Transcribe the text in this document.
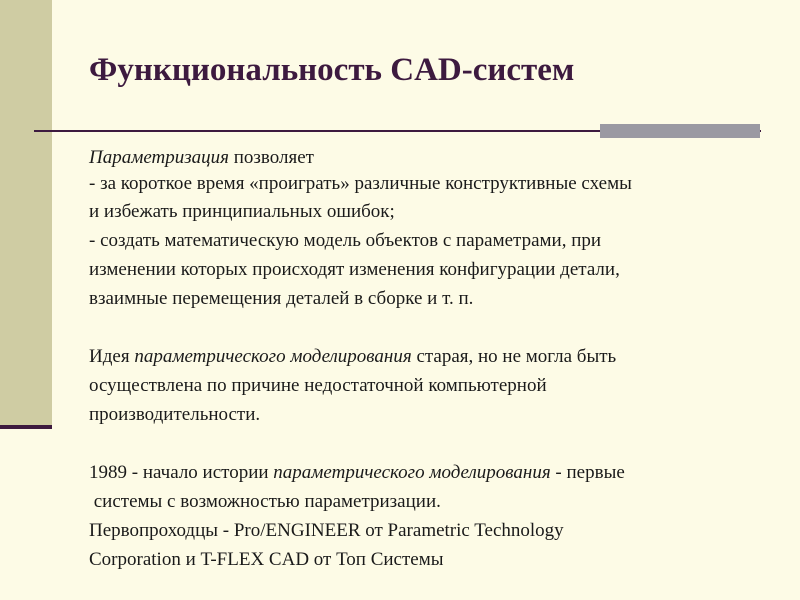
Функциональность CAD-систем
Параметризация позволяет
- за короткое время «проиграть» различные конструктивные схемы
и избежать принципиальных ошибок;
- создать математическую модель объектов с параметрами, при
изменении которых происходят изменения конфигурации детали,
взаимные перемещения деталей в сборке и т. п.
Идея параметрического моделирования старая, но не могла быть
осуществлена по причине недостаточной компьютерной
производительности.
1989 - начало истории параметрического моделирования - первые
системы с возможностью параметризации.
Первопроходцы - Pro/ENGINEER от Parametric Technology
Corporation и T-FLEX CAD от Топ Системы
